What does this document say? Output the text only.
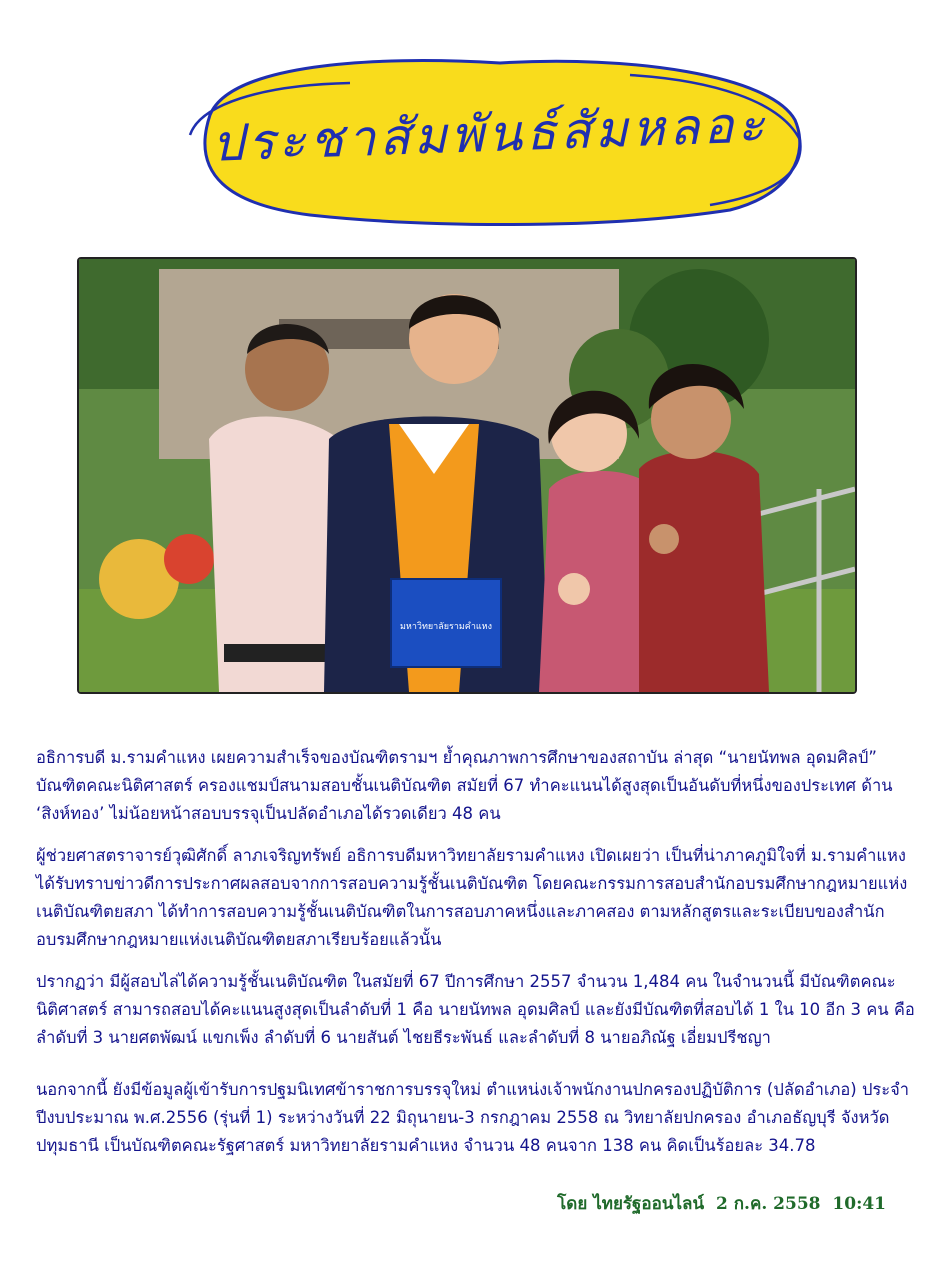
ประชาสัมพันธ์สัมหลอะ
มหาวิทยาลัยรามคำแหง

อธิการบดี ม.รามคำแหง เผยความสำเร็จของบัณฑิตรามฯ ย้ำคุณภาพการศึกษาของสถาบัน ล่าสุด “นายนัทพล อุดมศิลป์” บัณฑิตคณะนิติศาสตร์ ครองแชมป์สนามสอบชั้นเนติบัณฑิต สมัยที่ 67 ทำคะแนนได้สูงสุดเป็นอันดับที่หนึ่งของประเทศ ด้าน ‘สิงห์ทอง’ ไม่น้อยหน้าสอบบรรจุเป็นปลัดอำเภอได้รวดเดียว 48 คน

ผู้ช่วยศาสตราจารย์วุฒิศักดิ์ ลาภเจริญทรัพย์ อธิการบดีมหาวิทยาลัยรามคำแหง เปิดเผยว่า เป็นที่น่าภาคภูมิใจที่ ม.รามคำแหงได้รับทราบข่าวดีการประกาศผลสอบจากการสอบความรู้ชั้นเนติบัณฑิต โดยคณะกรรมการสอบสำนักอบรมศึกษากฎหมายแห่งเนติบัณฑิตยสภา ได้ทำการสอบความรู้ชั้นเนติบัณฑิตในการสอบภาคหนึ่งและภาคสอง ตามหลักสูตรและระเบียบของสำนักอบรมศึกษากฎหมายแห่งเนติบัณฑิตยสภาเรียบร้อยแล้วนั้น

ปรากฏว่า มีผู้สอบไล่ได้ความรู้ชั้นเนติบัณฑิต ในสมัยที่ 67 ปีการศึกษา 2557 จำนวน 1,484 คน ในจำนวนนี้ มีบัณฑิตคณะนิติศาสตร์ สามารถสอบได้คะแนนสูงสุดเป็นลำดับที่ 1 คือ นายนัทพล อุดมศิลป์ และยังมีบัณฑิตที่สอบได้ 1 ใน 10 อีก 3 คน คือ ลำดับที่ 3 นายศตพัฒน์ แขกเพ็ง ลำดับที่ 6 นายสันต์ ไชยธีระพันธ์ และลำดับที่ 8 นายอภิณัฐ เอี่ยมปรีชญา

นอกจากนี้ ยังมีข้อมูลผู้เข้ารับการปฐมนิเทศข้าราชการบรรจุใหม่ ตำแหน่งเจ้าพนักงานปกครองปฏิบัติการ (ปลัดอำเภอ) ประจำปีงบประมาณ พ.ศ.2556 (รุ่นที่ 1) ระหว่างวันที่ 22 มิถุนายน-3 กรกฎาคม 2558 ณ วิทยาลัยปกครอง อำเภอธัญบุรี จังหวัดปทุมธานี เป็นบัณฑิตคณะรัฐศาสตร์ มหาวิทยาลัยรามคำแหง จำนวน 48 คนจาก 138 คน คิดเป็นร้อยละ 34.78

โดย ไทยรัฐออนไลน์ 2 ก.ค. 2558 10:41
